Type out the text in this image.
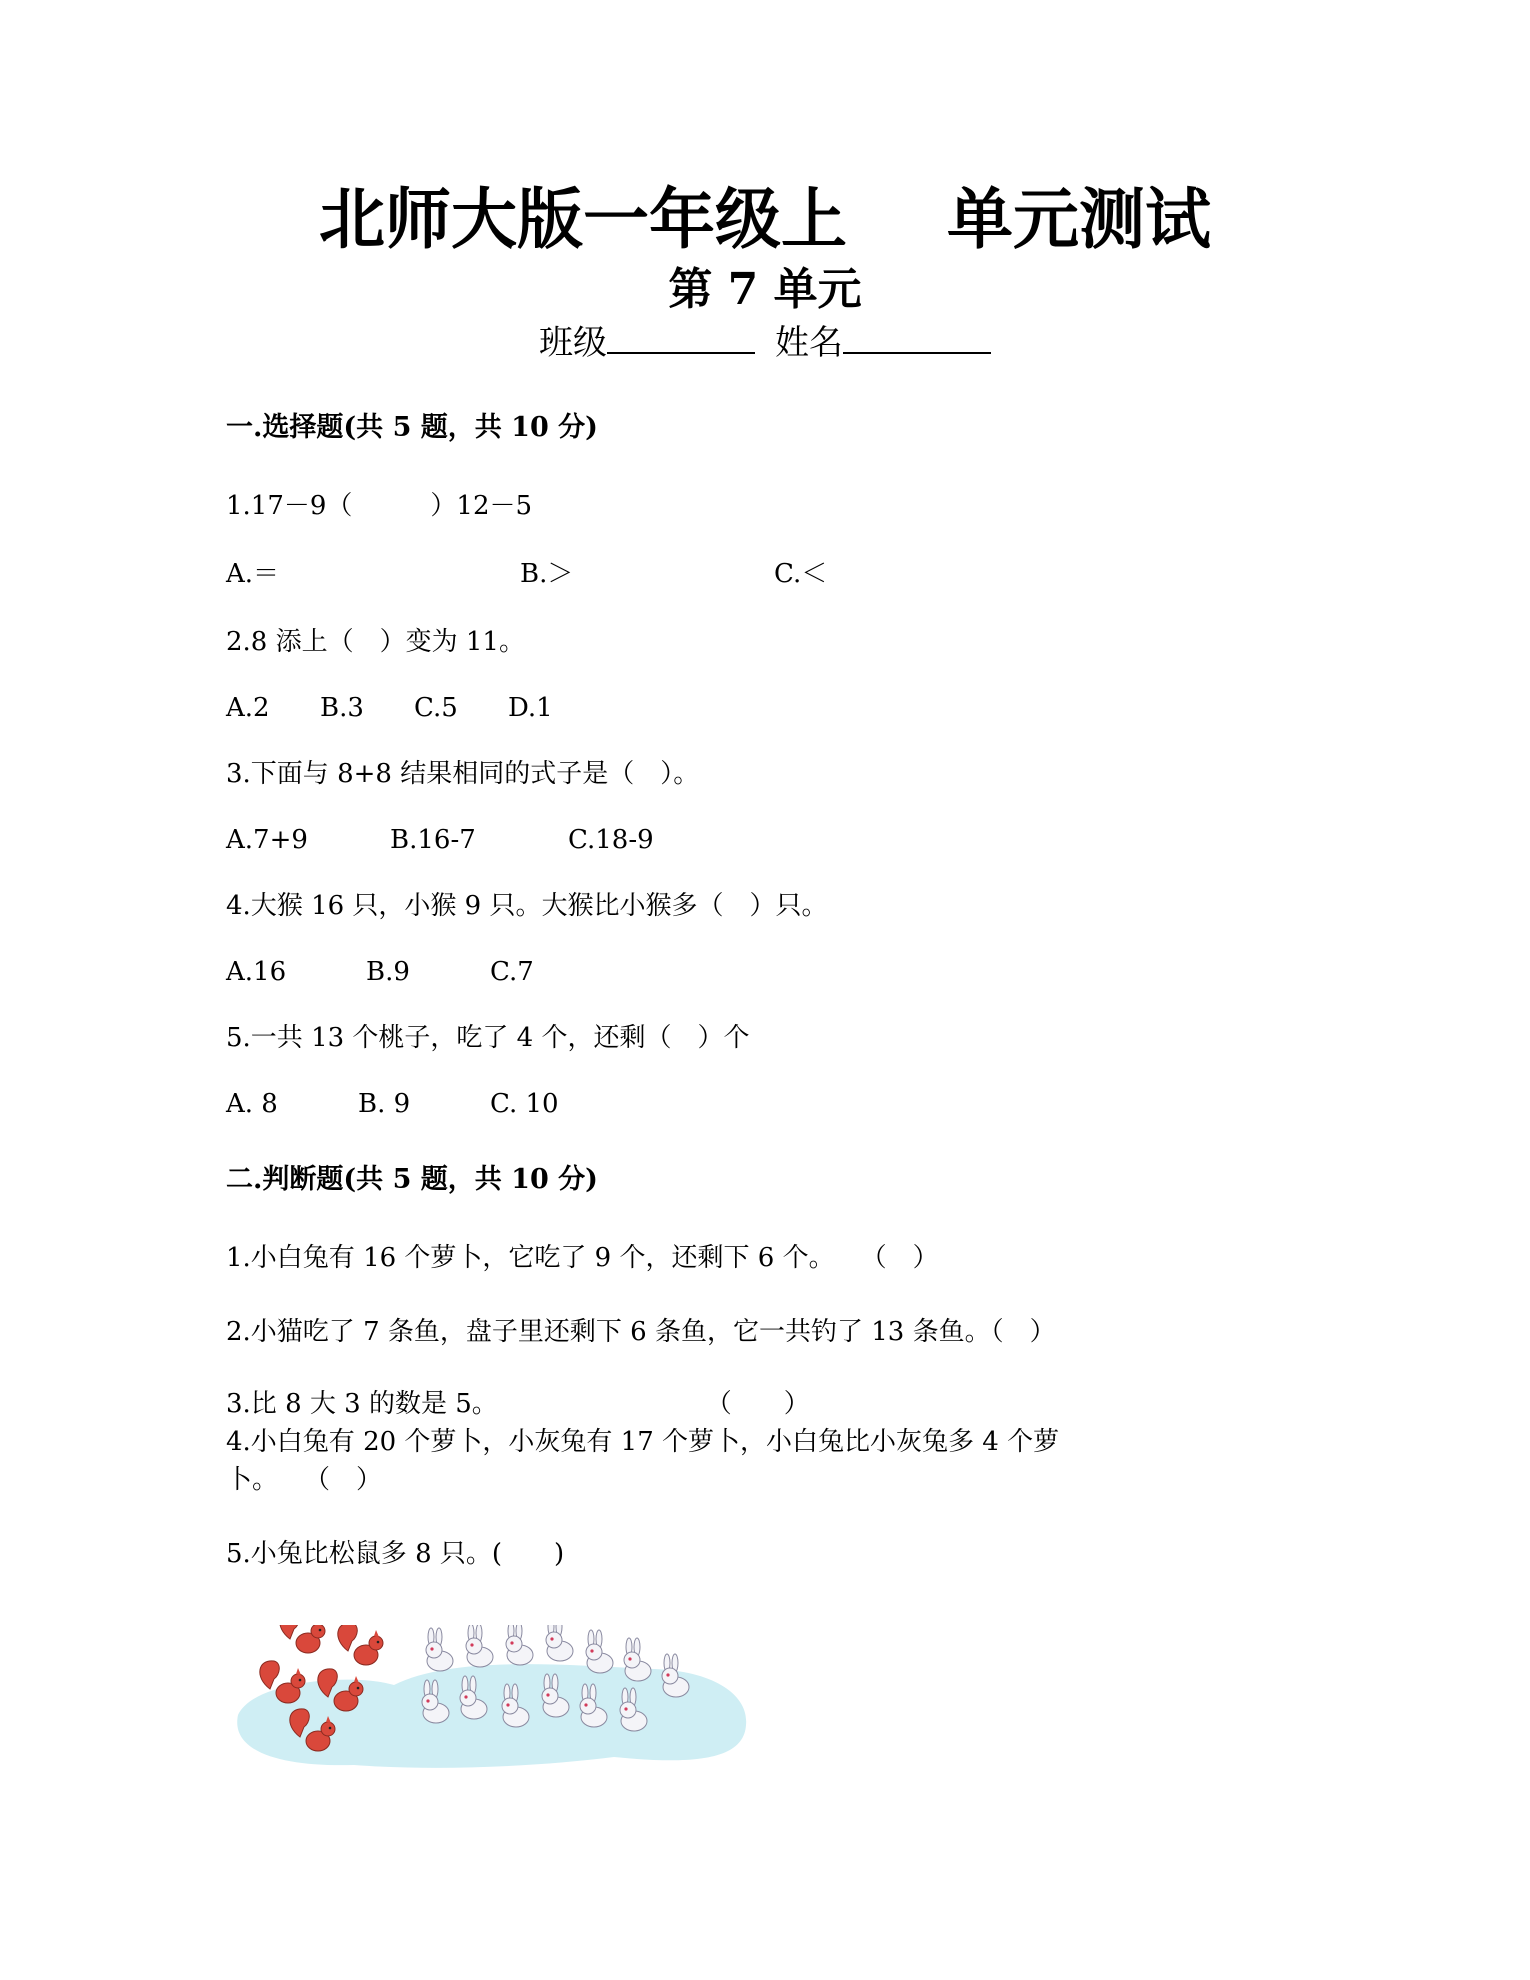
北师大版一年级上 单元测试
第 7 单元
班级	姓名
一.选择题(共 5 题，共 10 分)
1.17－9（　　　）12－5
A.＝	B.＞	C.＜
2.8 添上（　）变为 11。
A.2 B.3 C.5 D.1
3.下面与 8+8 结果相同的式子是（　）。
A.7+9	B.16-7	C.18-9
4.大猴 16 只，小猴 9 只。大猴比小猴多（　）只。
A.16	B.9	C.7
5.一共 13 个桃子，吃了 4 个，还剩（　）个
A. 8	B. 9	C. 10
二.判断题(共 5 题，共 10 分)
1.小白兔有 16 个萝卜，它吃了 9 个，还剩下 6 个。　　（　）
2.小猫吃了 7 条鱼，盘子里还剩下 6 条鱼，它一共钓了 13 条鱼。（　）
3.比 8 大 3 的数是 5。　　　　　　　　　（　　）
4.小白兔有 20 个萝卜，小灰兔有 17 个萝卜，小白兔比小灰兔多 4 个萝
卜。　　（　）
5.小兔比松鼠多 8 只。(　　)
